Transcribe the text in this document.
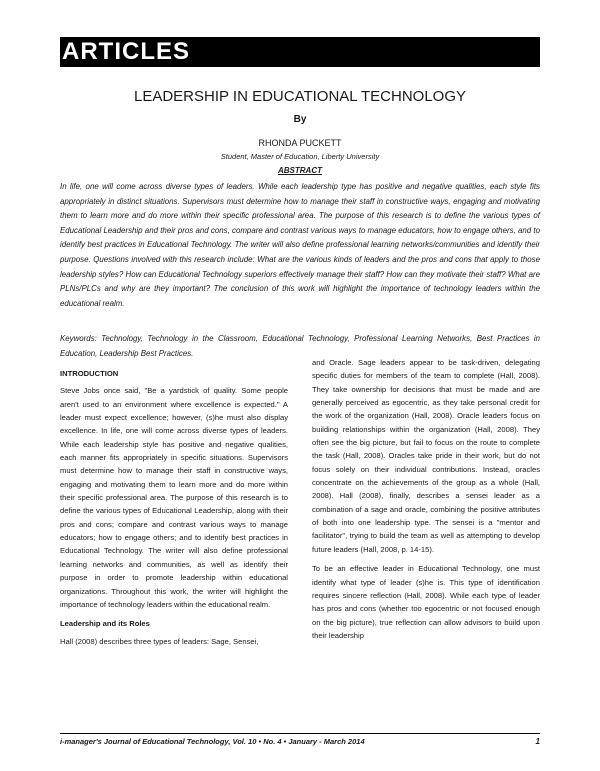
ARTICLES
LEADERSHIP IN EDUCATIONAL TECHNOLOGY
By
RHONDA PUCKETT
Student, Master of Education, Liberty University
ABSTRACT

In life, one will come across diverse types of leaders. While each leadership type has positive and negative qualities, each style fits appropriately in distinct situations. Supervisors must determine how to manage their staff in constructive ways, engaging and motivating them to learn more and do more within their specific professional area. The purpose of this research is to define the various types of Educational Leadership and their pros and cons, compare and contrast various ways to manage educators, how to engage others, and to identify best practices in Educational Technology. The writer will also define professional learning networks/communities and identify their purpose. Questions involved with this research include: What are the various kinds of leaders and the pros and cons that apply to those leadership styles? How can Educational Technology superiors effectively manage their staff? How can they motivate their staff? What are PLNs/PLCs and why are they important? The conclusion of this work will highlight the importance of technology leaders within the educational realm.

Keywords: Technology, Technology in the Classroom, Educational Technology, Professional Learning Networks, Best Practices in Education, Leadership Best Practices.

INTRODUCTION

Steve Jobs once said, "Be a yardstick of quality. Some people aren't used to an environment where excellence is expected." A leader must expect excellence; however, (s)he must also display excellence. In life, one will come across diverse types of leaders. While each leadership style has positive and negative qualities, each manner fits appropriately in specific situations. Supervisors must determine how to manage their staff in constructive ways, engaging and motivating them to learn more and do more within their specific professional area. The purpose of this research is to define the various types of Educational Leadership, along with their pros and cons; compare and contrast various ways to manage educators; how to engage others; and to identify best practices in Educational Technology. The writer will also define professional learning networks and communities, as well as identify their purpose in order to promote leadership within educational organizations. Throughout this work, the writer will highlight the importance of technology leaders within the educational realm.

Leadership and its Roles

Hall (2008) describes three types of leaders: Sage, Sensei,

and Oracle. Sage leaders appear to be task-driven, delegating specific duties for members of the team to complete (Hall, 2008). They take ownership for decisions that must be made and are generally perceived as egocentric, as they take personal credit for the work of the organization (Hall, 2008). Oracle leaders focus on building relationships within the organization (Hall, 2008). They often see the big picture, but fail to focus on the route to complete the task (Hall, 2008). Oracles take pride in their work, but do not focus solely on their individual contributions. Instead, oracles concentrate on the achievements of the group as a whole (Hall, 2008). Hall (2008), finally, describes a sensei leader as a combination of a sage and oracle, combining the positive attributes of both into one leadership type. The sensei is a "mentor and facilitator", trying to build the team as well as attempting to develop future leaders (Hall, 2008, p. 14-15).

To be an effective leader in Educational Technology, one must identify what type of leader (s)he is. This type of identification requires sincere reflection (Hall, 2008). While each type of leader has pros and cons (whether too egocentric or not focused enough on the big picture), true reflection can allow advisors to build upon their leadership

i-manager's Journal of Educational Technology, Vol. 10 • No. 4 • January - March 2014	1
